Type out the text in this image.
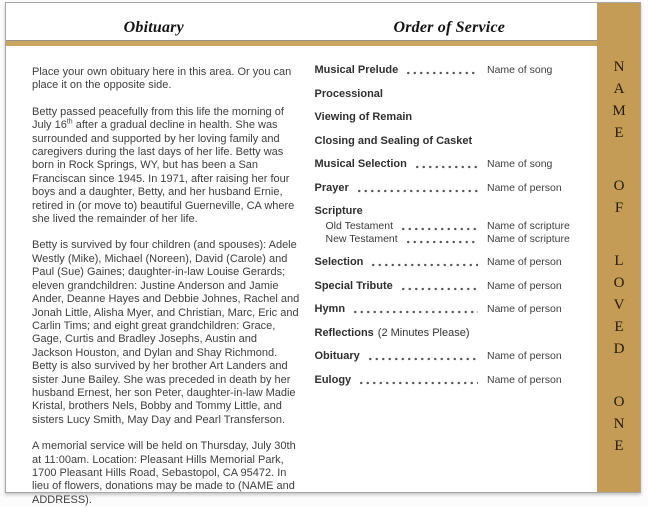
Obituary	Order of Service

Place your own obituary here in this area. Or you can place it on the opposite side.

Betty passed peacefully from this life the morning of July 16th after a gradual decline in health. She was surrounded and supported by her loving family and caregivers during the last days of her life. Betty was born in Rock Springs, WY, but has been a San Franciscan since 1945. In 1971, after raising her four boys and a daughter, Betty, and her husband Ernie, retired in (or move to) beautiful Guerneville, CA where she lived the remainder of her life.

Betty is survived by four children (and spouses): Adele Westly (Mike), Michael (Noreen), David (Carole) and Paul (Sue) Gaines; daughter-in-law Louise Gerards; eleven grandchildren: Justine Anderson and Jamie Ander, Deanne Hayes and Debbie Johnes, Rachel and Jonah Little, Alisha Myer, and Christian, Marc, Eric and Carlin Tims; and eight great grandchildren: Grace, Gage, Curtis and Bradley Josephs, Austin and Jackson Houston, and Dylan and Shay Richmond. Betty is also survived by her brother Art Landers and sister June Bailey. She was preceded in death by her husband Ernest, her son Peter, daughter-in-law Madie Kristal, brothers Nels, Bobby and Tommy Little, and sisters Lucy Smith, May Day and Pearl Transferson.

A memorial service will be held on Thursday, July 30th at 11:00am. Location: Pleasant Hills Memorial Park, 1700 Pleasant Hills Road, Sebastopol, CA 95472. In lieu of flowers, donations may be made to (NAME and ADDRESS).

Musical Prelude	Name of song
Processional
Viewing of Remain
Closing and Sealing of Casket
Musical Selection	Name of song
Prayer	Name of person
Scripture
Old Testament	Name of scripture
New Testament	Name of scripture
Selection	Name of person
Special Tribute	Name of person
Hymn	Name of person
Reflections (2 Minutes Please)
Obituary	Name of person
Eulogy	Name of person	NAME OF LOVED ONE
